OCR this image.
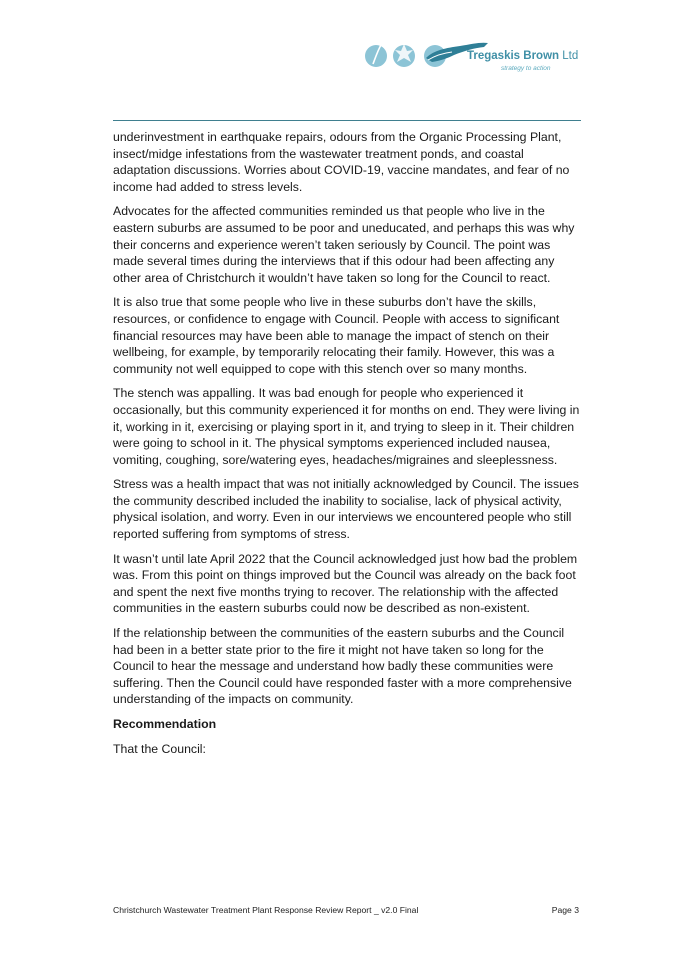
Tregaskis Brown Ltd
strategy to action

underinvestment in earthquake repairs, odours from the Organic Processing Plant, insect/midge infestations from the wastewater treatment ponds, and coastal adaptation discussions. Worries about COVID-19, vaccine mandates, and fear of no income had added to stress levels.

Advocates for the affected communities reminded us that people who live in the eastern suburbs are assumed to be poor and uneducated, and perhaps this was why their concerns and experience weren’t taken seriously by Council. The point was made several times during the interviews that if this odour had been affecting any other area of Christchurch it wouldn’t have taken so long for the Council to react.

It is also true that some people who live in these suburbs don’t have the skills, resources, or confidence to engage with Council. People with access to significant financial resources may have been able to manage the impact of stench on their wellbeing, for example, by temporarily relocating their family. However, this was a community not well equipped to cope with this stench over so many months.

The stench was appalling. It was bad enough for people who experienced it occasionally, but this community experienced it for months on end. They were living in it, working in it, exercising or playing sport in it, and trying to sleep in it. Their children were going to school in it. The physical symptoms experienced included nausea, vomiting, coughing, sore/watering eyes, headaches/migraines and sleeplessness.

Stress was a health impact that was not initially acknowledged by Council. The issues the community described included the inability to socialise, lack of physical activity, physical isolation, and worry. Even in our interviews we encountered people who still reported suffering from symptoms of stress.

It wasn’t until late April 2022 that the Council acknowledged just how bad the problem was. From this point on things improved but the Council was already on the back foot and spent the next five months trying to recover. The relationship with the affected communities in the eastern suburbs could now be described as non-existent.

If the relationship between the communities of the eastern suburbs and the Council had been in a better state prior to the fire it might not have taken so long for the Council to hear the message and understand how badly these communities were suffering. Then the Council could have responded faster with a more comprehensive understanding of the impacts on community.

Recommendation

That the Council:

Christchurch Wastewater Treatment Plant Response Review Report _ v2.0 Final	Page 3
